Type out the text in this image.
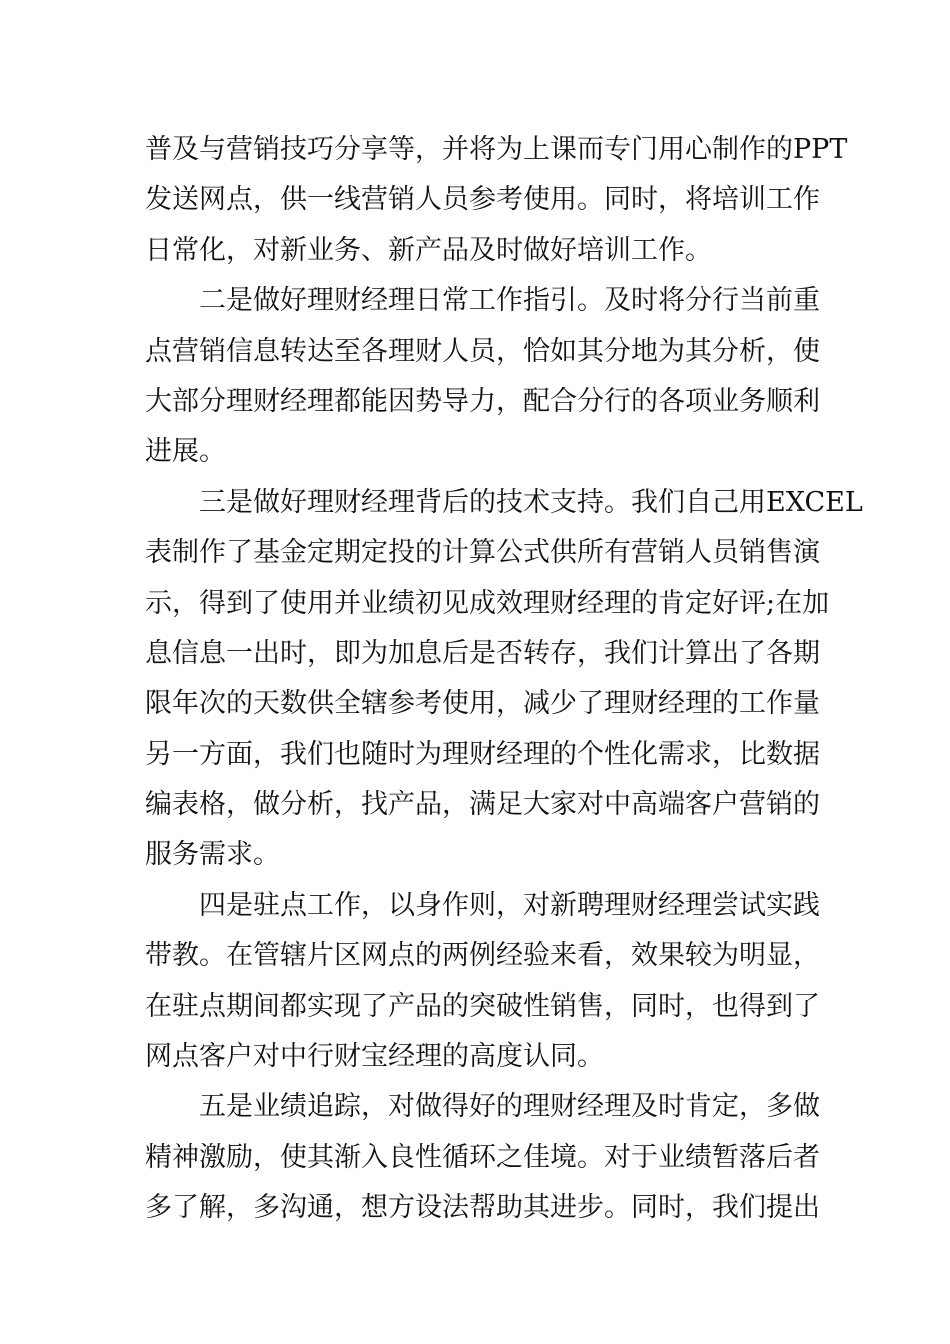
普及与营销技巧分享等，并将为上课而专门用心制作的PPT
发送网点，供一线营销人员参考使用。同时，将培训工作
日常化，对新业务、新产品及时做好培训工作。
二是做好理财经理日常工作指引。及时将分行当前重
点营销信息转达至各理财人员，恰如其分地为其分析，使
大部分理财经理都能因势导力，配合分行的各项业务顺利
进展。
三是做好理财经理背后的技术支持。我们自己用EXCEL
表制作了基金定期定投的计算公式供所有营销人员销售演
示，得到了使用并业绩初见成效理财经理的肯定好评;在加
息信息一出时，即为加息后是否转存，我们计算出了各期
限年次的天数供全辖参考使用，减少了理财经理的工作量
另一方面，我们也随时为理财经理的个性化需求，比数据
编表格，做分析，找产品，满足大家对中高端客户营销的
服务需求。
四是驻点工作，以身作则，对新聘理财经理尝试实践
带教。在管辖片区网点的两例经验来看，效果较为明显，
在驻点期间都实现了产品的突破性销售，同时，也得到了
网点客户对中行财宝经理的高度认同。
五是业绩追踪，对做得好的理财经理及时肯定，多做
精神激励，使其渐入良性循环之佳境。对于业绩暂落后者
多了解，多沟通，想方设法帮助其进步。同时，我们提出
